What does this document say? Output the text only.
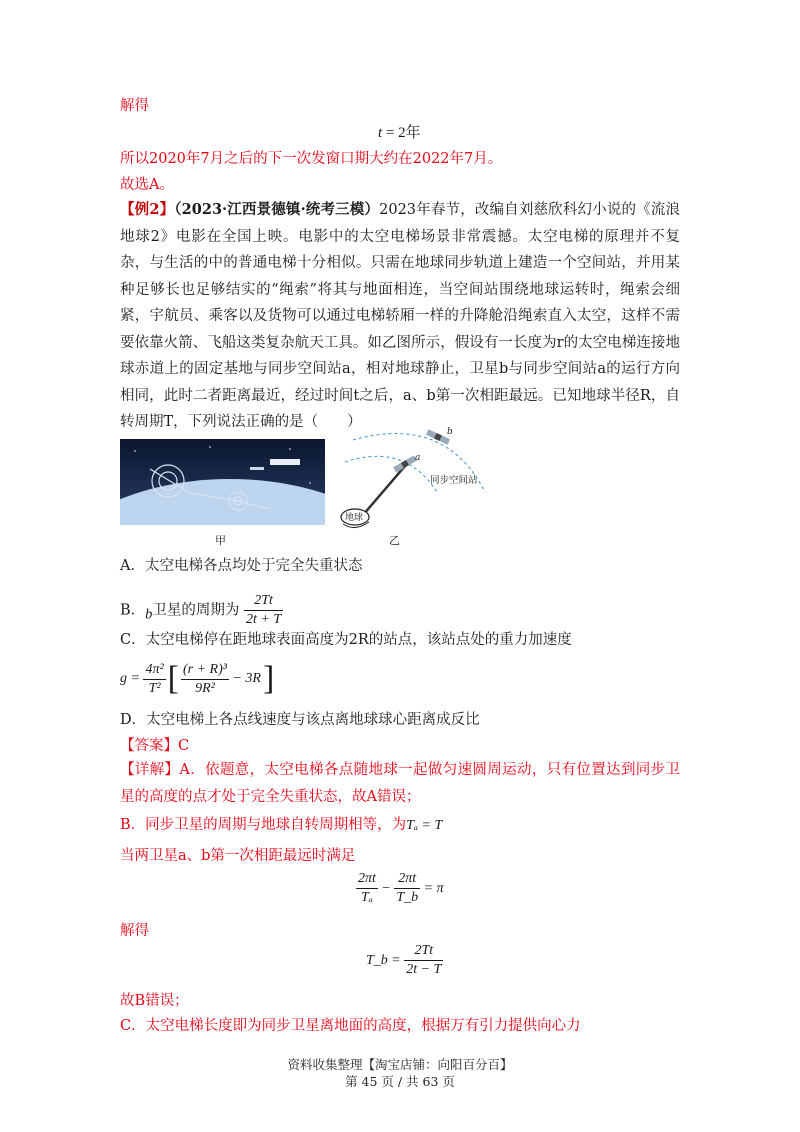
解得
t = 2年
所以2020年7月之后的下一次发窗口期大约在2022年7月。
故选A。
【例2】（2023·江西景德镇·统考三模）2023年春节，改编自刘慈欣科幻小说的《流浪地球2》电影在全国上映。电影中的太空电梯场景非常震撼。太空电梯的原理并不复杂，与生活的中的普通电梯十分相似。只需在地球同步轨道上建造一个空间站，并用某种足够长也足够结实的“绳索”将其与地面相连，当空间站围绕地球运转时，绳索会细紧，宇航员、乘客以及货物可以通过电梯轿厢一样的升降舱沿绳索直入太空，这样不需要依靠火箭、飞船这类复杂航天工具。如乙图所示，假设有一长度为r的太空电梯连接地球赤道上的固定基地与同步空间站a，相对地球静止，卫星b与同步空间站a的运行方向相同，此时二者距离最近，经过时间t之后，a、b第一次相距最远。已知地球半径R，自转周期T，下列说法正确的是（　　）
甲
b
a
同步空间站
地球
乙
A．太空电梯各点均处于完全失重状态
B．b卫星的周期为 $\frac{2Tt}{2t + T}$
C．太空电梯停在距地球表面高度为2R的站点，该站点处的重力加速度
g =
$\frac{\text{4π²}}{\text{T²}}$ [ $\frac{\text{(r + R)³}}{\text{9R²}}$
− 3R ]
D．太空电梯上各点线速度与该点离地球球心距离成反比
【答案】C
【详解】A．依题意，太空电梯各点随地球一起做匀速圆周运动，只有位置达到同步卫星的高度的点才处于完全失重状态，故A错误；
B．同步卫星的周期与地球自转周期相等，为Tₐ = T
当两卫星a、b第一次相距最远时满足
$\frac{2\pi t}{\text{Tₐ}}$
−
$\frac{2\pi t}{T\_b}$
= π
解得
T_b =
$\frac{2Tt}{2t - T}$
故B错误；
C．太空电梯长度即为同步卫星离地面的高度，根据万有引力提供向心力
资料收集整理【淘宝店铺：向阳百分百】
第 45 页 / 共 63 页
